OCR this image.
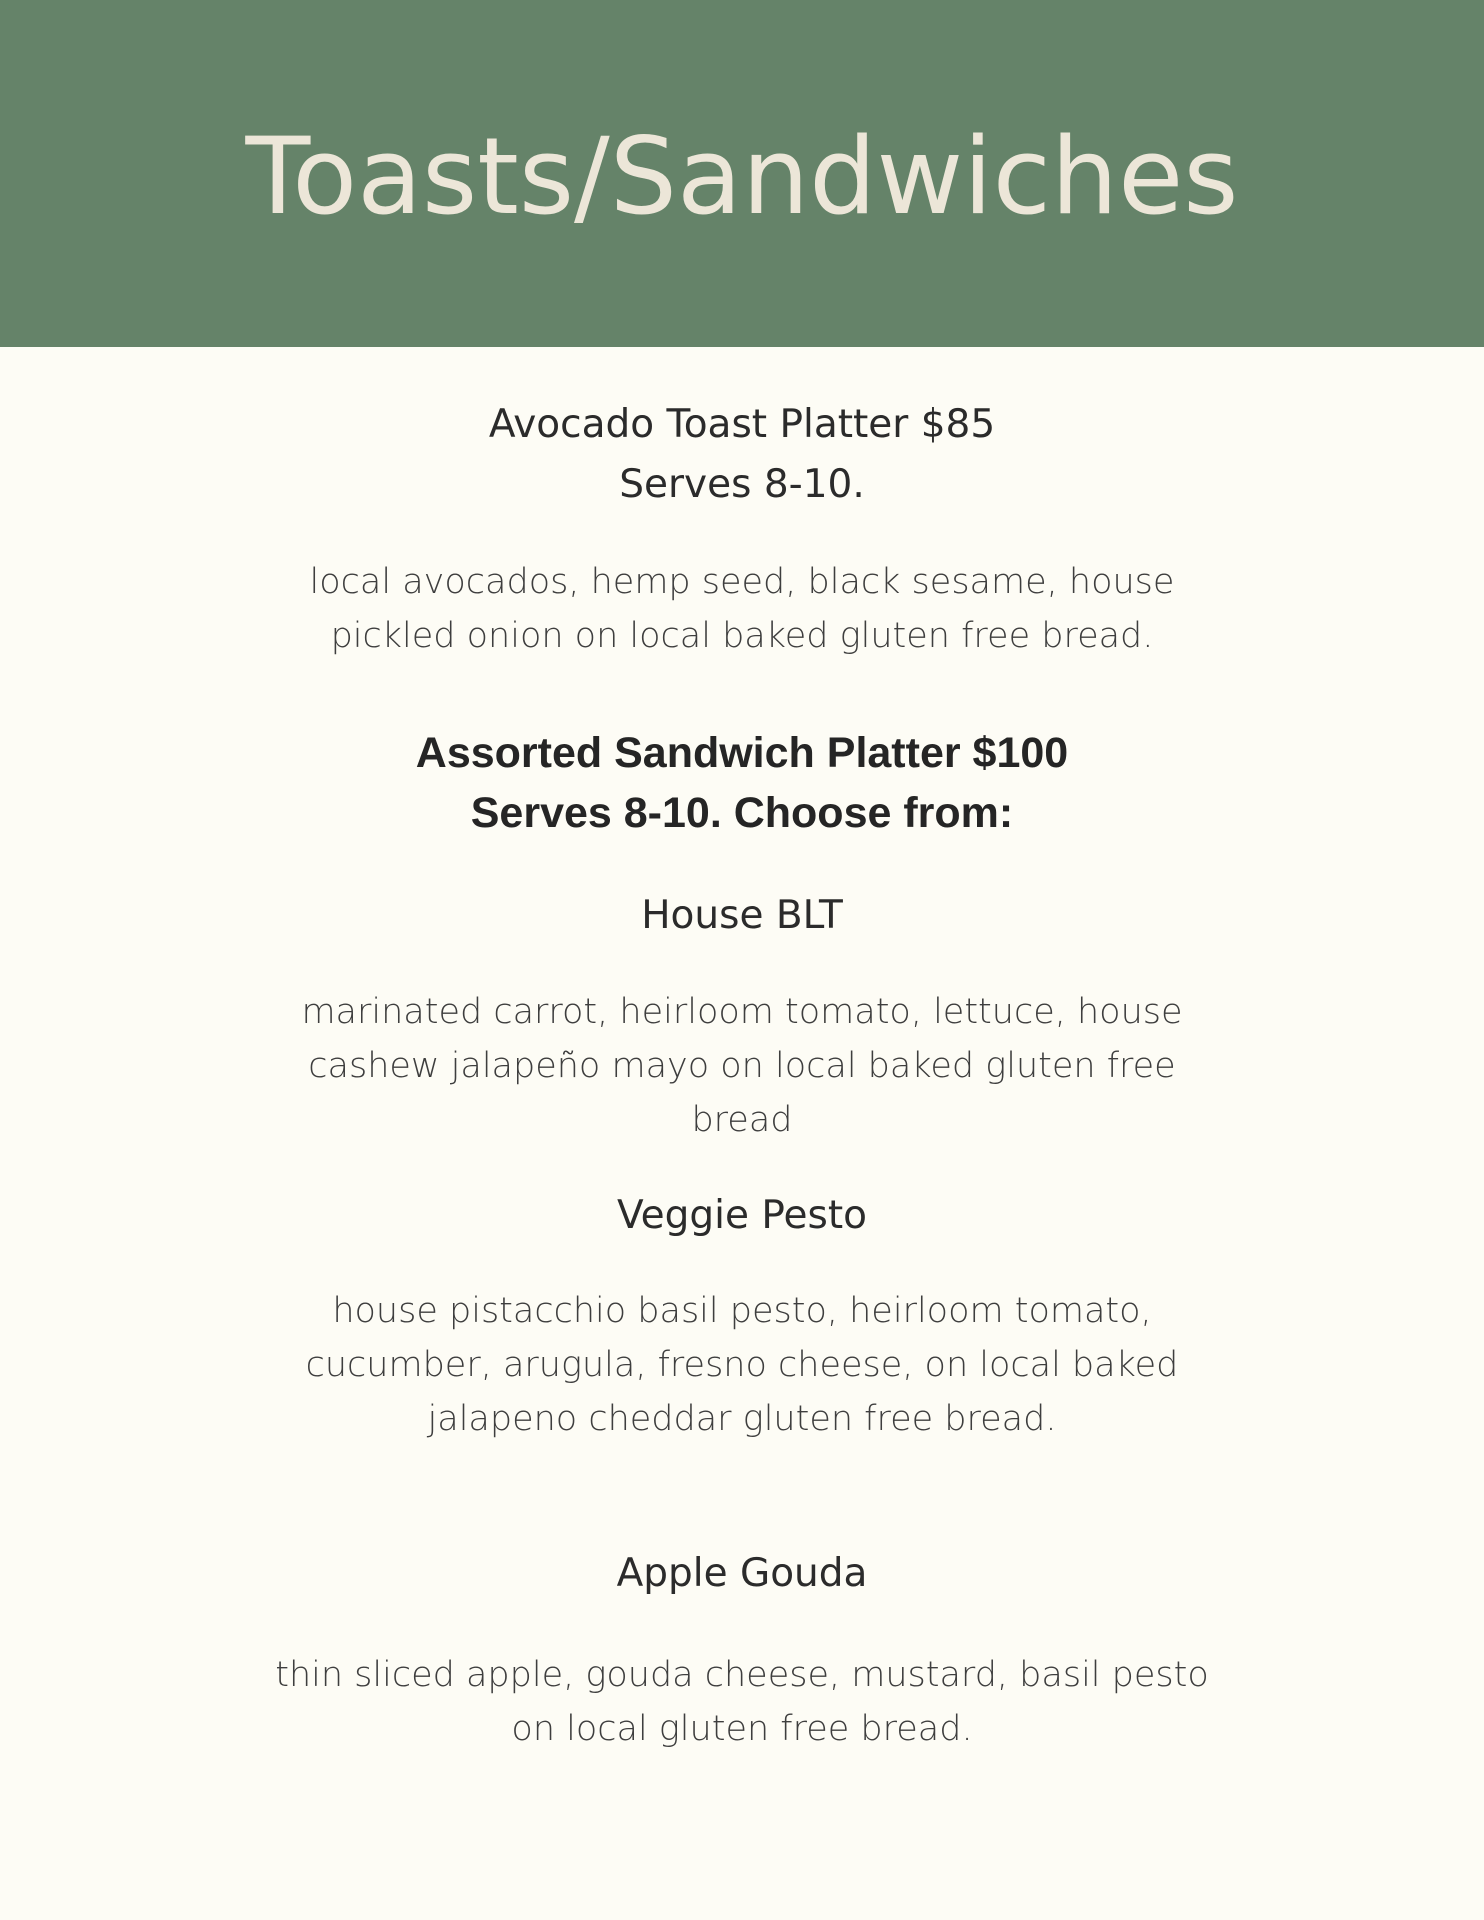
Toasts/Sandwiches
Avocado Toast Platter $85
Serves 8-10.
local avocados, hemp seed, black sesame, house
pickled onion on local baked gluten free bread.
Assorted Sandwich Platter $100
Serves 8-10. Choose from:
House BLT
marinated carrot, heirloom tomato, lettuce, house
cashew jalapeño mayo on local baked gluten free
bread
Veggie Pesto
house pistacchio basil pesto, heirloom tomato,
cucumber, arugula, fresno cheese, on local baked
jalapeno cheddar gluten free bread.
Apple Gouda
thin sliced apple, gouda cheese, mustard, basil pesto
on local gluten free bread.
